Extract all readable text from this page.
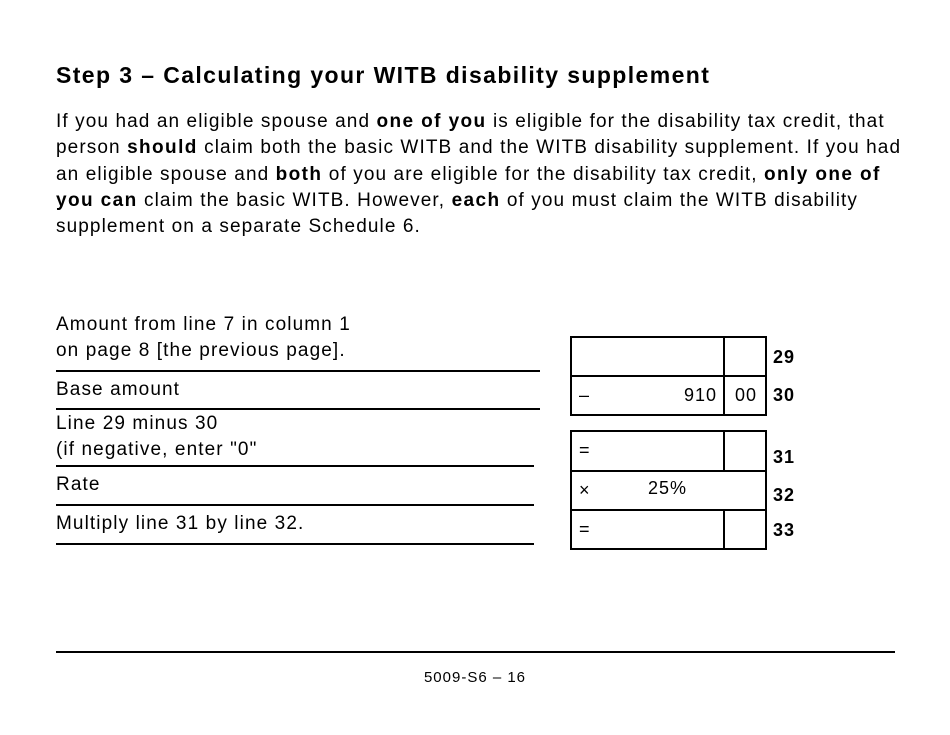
Step 3 – Calculating your WITB disability supplement
If you had an eligible spouse and one of you is eligible for the disability tax credit, that person should claim both the basic WITB and the WITB disability supplement. If you had an eligible spouse and both of you are eligible for the disability tax credit, only one of you can claim the basic WITB. However, each of you must claim the WITB disability supplement on a separate Schedule 6.
Amount from line 7 in column 1
on page 8 [the previous page].
Base amount
Line 29 minus 30
(if negative, enter "0"
Rate
Multiply line 31 by line 32.
–	910 00
29
30
=
×	25%
=
31
32
33
5009-S6 – 16
